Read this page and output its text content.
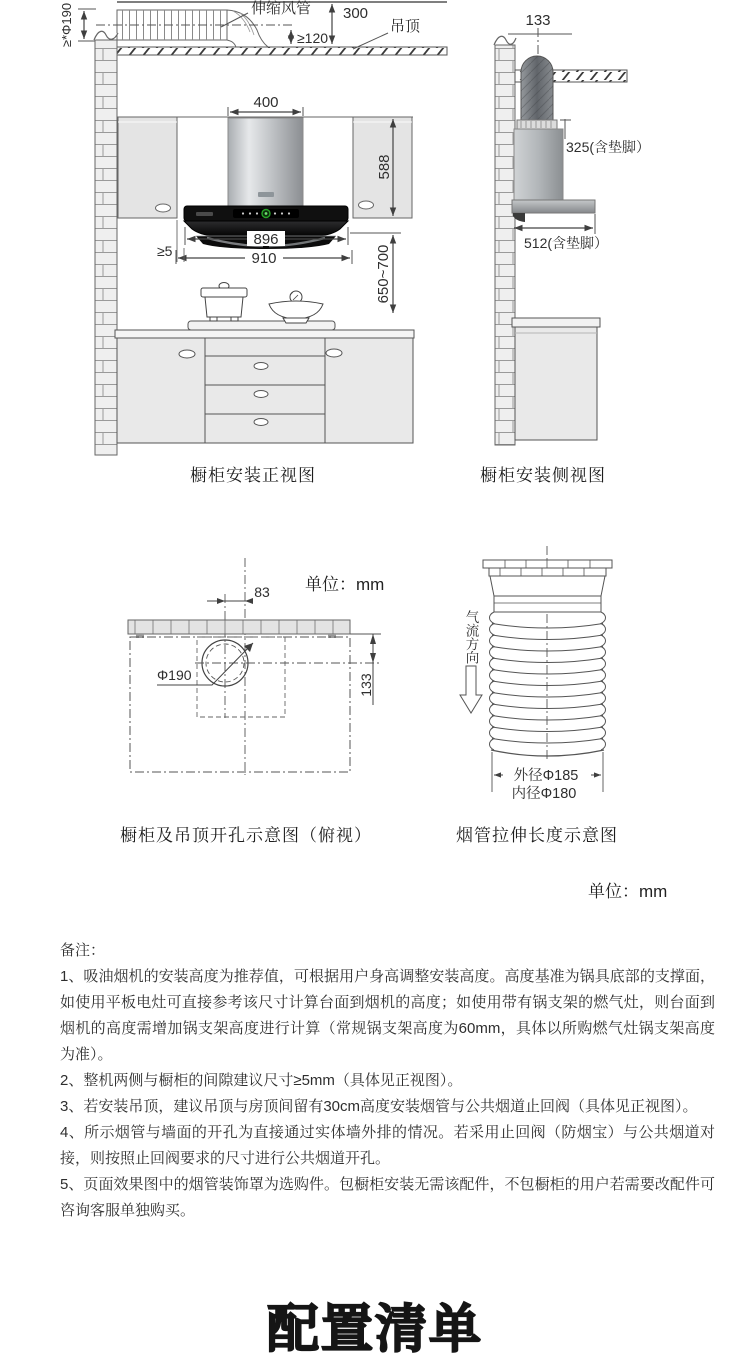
伸缩风管 300
吊顶
≥120
≥*Φ190
400
588
896
910
≥5	650~700
133
325(含垫脚）
512(含垫脚）
橱柜安装正视图	橱柜安装侧视图
单位：mm
83
Φ190	133
气流方向
外径Φ185
内径Φ180
橱柜及吊顶开孔示意图（俯视）	烟管拉伸长度示意图
单位：mm

备注：

1、吸油烟机的安装高度为推荐值，可根据用户身高调整安装高度。高度基准为锅具底部的支撑面，如使用平板电灶可直接参考该尺寸计算台面到烟机的高度；如使用带有锅支架的燃气灶，则台面到烟机的高度需增加锅支架高度进行计算（常规锅支架高度为60mm，具体以所购燃气灶锅支架高度为准）。

2、整机两侧与橱柜的间隙建议尺寸≥5mm（具体见正视图）。

3、若安装吊顶，建议吊顶与房顶间留有30cm高度安装烟管与公共烟道止回阀（具体见正视图）。

4、所示烟管与墙面的开孔为直接通过实体墙外排的情况。若采用止回阀（防烟宝）与公共烟道对接，则按照止回阀要求的尺寸进行公共烟道开孔。

5、页面效果图中的烟管装饰罩为选购件。包橱柜安装无需该配件，不包橱柜的用户若需要改配件可咨询客服单独购买。

配置清单
